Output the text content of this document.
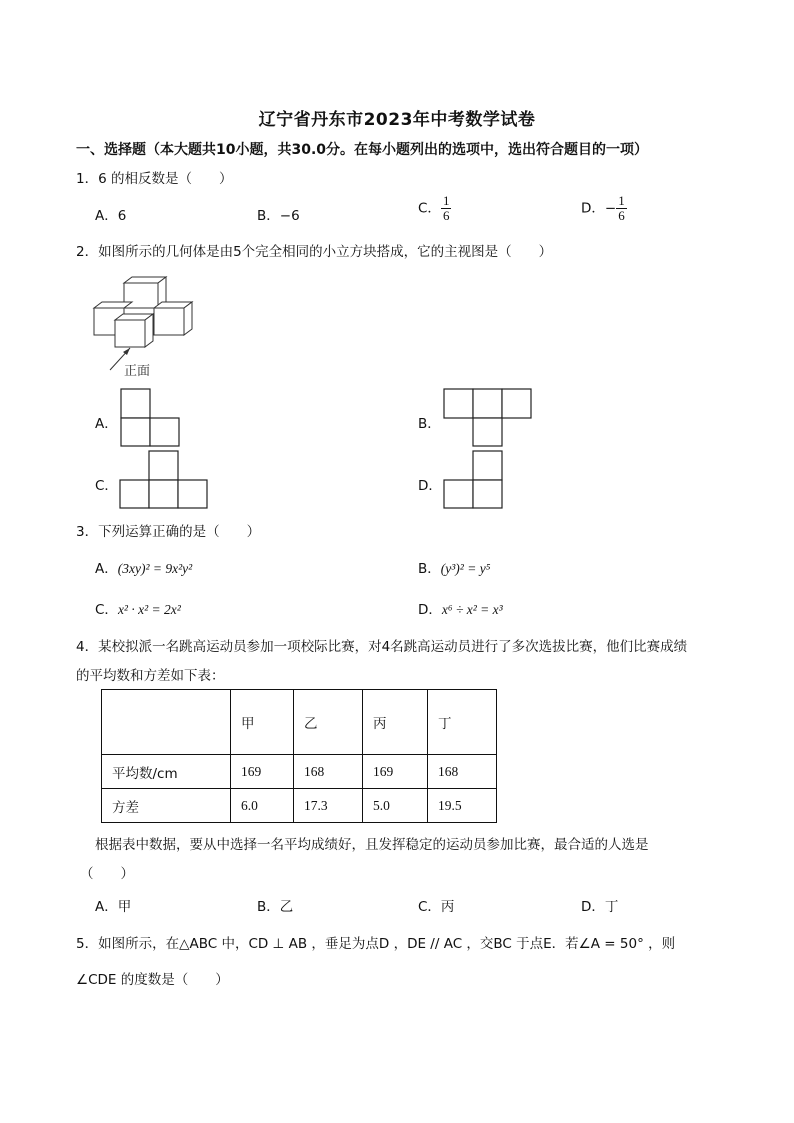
辽宁省丹东市2023年中考数学试卷
一、选择题（本大题共10小题，共30.0分。在每小题列出的选项中，选出符合题目的一项）
1．6 的相反数是（　　）
A．6	B．−6	C． $\frac{1}{6}$	D．− $\frac{1}{6}$
2．如图所示的几何体是由5个完全相同的小立方块搭成，它的主视图是（　　）
正面
A．	B．
C．	D．
3．下列运算正确的是（　　）
A．(3xy)² = 9x²y²	B．(y³)² = y⁵
C．x² · x² = 2x²	D．x⁶ ÷ x² = x³
4．某校拟派一名跳高运动员参加一项校际比赛，对4名跳高运动员进行了多次选拔比赛，他们比赛成绩
的平均数和方差如下表：
	甲	乙	丙	丁
平均数/cm	169	168	169	168
方差	6.0	17.3	5.0	19.5
根据表中数据，要从中选择一名平均成绩好，且发挥稳定的运动员参加比赛，最合适的人选是
（　　）
A．甲	B．乙	C．丙	D．丁
5．如图所示，在△ABC 中，CD ⊥ AB ，垂足为点D ，DE // AC ，交BC 于点E．若∠A = 50° ，则
∠CDE 的度数是（　　）
